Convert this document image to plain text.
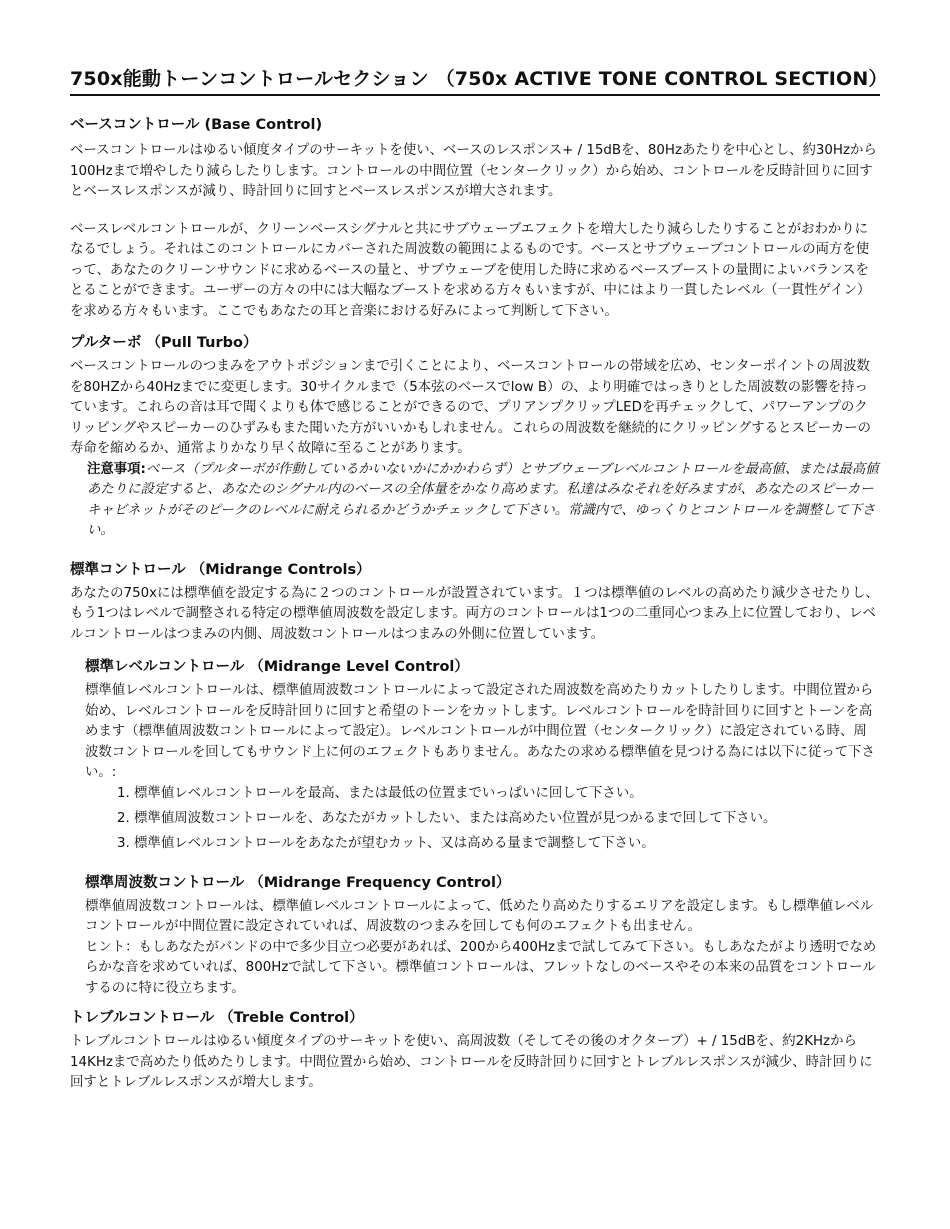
750x能動トーンコントロールセクション （750x ACTIVE TONE CONTROL SECTION）
ベースコントロール (Base Control)

ベースコントロールはゆるい傾度タイプのサーキットを使い、ベースのレスポンス+ / 15dBを、80Hzあたりを中心とし、約30Hzから100Hzまで増やしたり減らしたりします。コントロールの中間位置（センタークリック）から始め、コントロールを反時計回りに回すとベースレスポンスが減り、時計回りに回すとベースレスポンスが増大されます。

ベースレベルコントロールが、クリーンベースシグナルと共にサブウェーブエフェクトを増大したり減らしたりすることがおわかりになるでしょう。それはこのコントロールにカバーされた周波数の範囲によるものです。ベースとサブウェーブコントロールの両方を使って、あなたのクリーンサウンドに求めるベースの量と、サブウェーブを使用した時に求めるベースブーストの量間によいバランスをとることができます。ユーザーの方々の中には大幅なブーストを求める方々もいますが、中にはより一貫したレベル（一貫性ゲイン）を求める方々もいます。ここでもあなたの耳と音楽における好みによって判断して下さい。

プルターボ （Pull Turbo）

ベースコントロールのつまみをアウトポジションまで引くことにより、ベースコントロールの帯域を広め、センターポイントの周波数を80HZから40Hzまでに変更します。30サイクルまで（5本弦のベースでlow B）の、より明確ではっきりとした周波数の影響を持っています。これらの音は耳で聞くよりも体で感じることができるので、プリアンプクリップLEDを再チェックして、パワーアンプのクリッピングやスピーカーのひずみもまた聞いた方がいいかもしれません。これらの周波数を継続的にクリッピングするとスピーカーの寿命を縮めるか、通常よりかなり早く故障に至ることがあります。

注意事項:ベース（プルターボが作動しているかいないかにかかわらず）とサブウェーブレベルコントロールを最高値、または最高値あたりに設定すると、あなたのシグナル内のベースの全体量をかなり高めます。私達はみなそれを好みますが、あなたのスピーカーキャビネットがそのピークのレベルに耐えられるかどうかチェックして下さい。常識内で、ゆっくりとコントロールを調整して下さい。

標準コントロール （Midrange Controls）

あなたの750xには標準値を設定する為に２つのコントロールが設置されています。１つは標準値のレベルの高めたり減少させたりし、もう1つはレベルで調整される特定の標準値周波数を設定します。両方のコントロールは1つの二重同心つまみ上に位置しており、レベルコントロールはつまみの内側、周波数コントロールはつまみの外側に位置しています。

標準レベルコントロール （Midrange Level Control）

標準値レベルコントロールは、標準値周波数コントロールによって設定された周波数を高めたりカットしたりします。中間位置から始め、レベルコントロールを反時計回りに回すと希望のトーンをカットします。レベルコントロールを時計回りに回すとトーンを高めます（標準値周波数コントロールによって設定）。レベルコントロールが中間位置（センタークリック）に設定されている時、周波数コントロールを回してもサウンド上に何のエフェクトもありません。あなたの求める標準値を見つける為には以下に従って下さい。:

1. 標準値レベルコントロールを最高、または最低の位置までいっぱいに回して下さい。
2. 標準値周波数コントロールを、あなたがカットしたい、または高めたい位置が見つかるまで回して下さい。
3. 標準値レベルコントロールをあなたが望むカット、又は高める量まで調整して下さい。
標準周波数コントロール （Midrange Frequency Control）

標準値周波数コントロールは、標準値レベルコントロールによって、低めたり高めたりするエリアを設定します。もし標準値レベルコントロールが中間位置に設定されていれば、周波数のつまみを回しても何のエフェクトも出ません。

ヒント：もしあなたがバンドの中で多少目立つ必要があれば、200から400Hzまで試してみて下さい。もしあなたがより透明でなめらかな音を求めていれば、800Hzで試して下さい。標準値コントロールは、フレットなしのベースやその本来の品質をコントロールするのに特に役立ちます。

トレブルコントロール （Treble Control）

トレブルコントロールはゆるい傾度タイプのサーキットを使い、高周波数（そしてその後のオクターブ）+ / 15dBを、約2KHzから14KHzまで高めたり低めたりします。中間位置から始め、コントロールを反時計回りに回すとトレブルレスポンスが減少、時計回りに回すとトレブルレスポンスが増大します。
